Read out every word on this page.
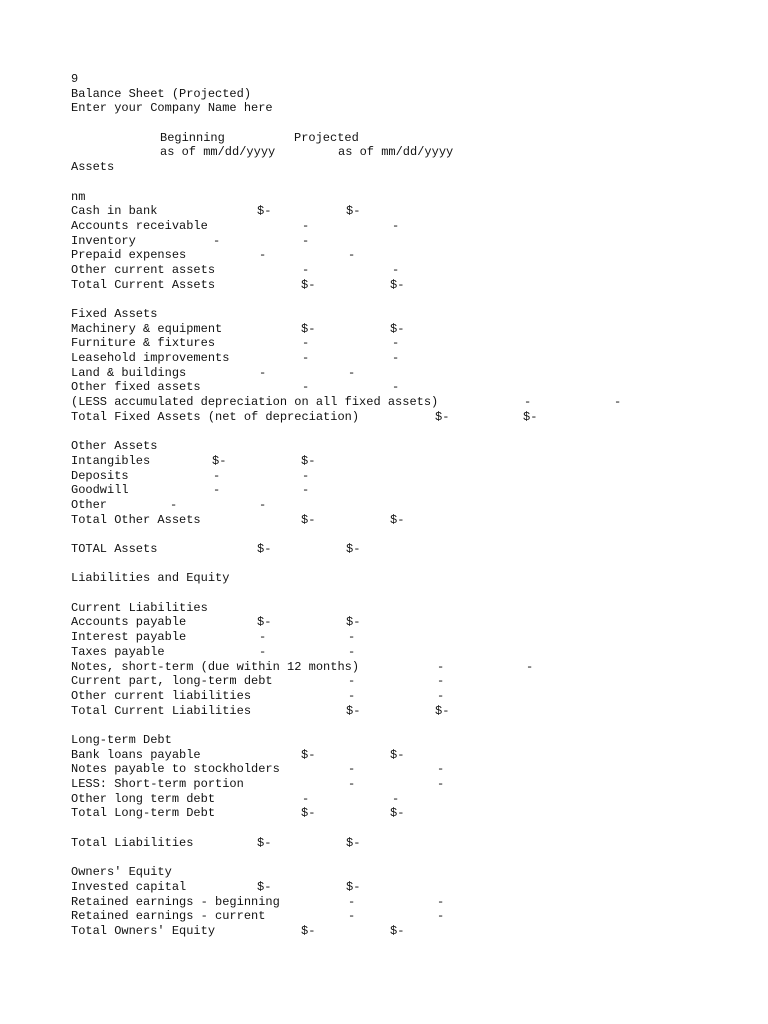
9
Balance Sheet (Projected)
Enter your Company Name here

Beginning

	Projected

as of mm/dd/yyyy

	as of mm/dd/yyyy

Assets
nm
Cash in bank	$-	$-
Accounts receivable	-	-
Inventory	-	-
Prepaid expenses	-	-
Other current assets	-	-
Total Current Assets	$-	$-
Fixed Assets
Machinery & equipment	$-	$-
Furniture & fixtures	-	-
Leasehold improvements	-	-
Land & buildings	-	-
Other fixed assets	-	-
(LESS accumulated depreciation on all fixed assets)	-	-
Total Fixed Assets (net of depreciation)	$-	$-
Other Assets
Intangibles	$-	$-
Deposits	-	-
Goodwill	-	-
Other	-	-
Total Other Assets	$-	$-
TOTAL Assets	$-	$-
Liabilities and Equity
Current Liabilities
Accounts payable	$-	$-
Interest payable	-	-
Taxes payable	-	-
Notes, short-term (due within 12 months)	-	-
Current part, long-term debt	-	-
Other current liabilities	-	-
Total Current Liabilities	$-	$-
Long-term Debt
Bank loans payable	$-	$-
Notes payable to stockholders	-	-
LESS: Short-term portion	-	-
Other long term debt	-	-
Total Long-term Debt	$-	$-
Total Liabilities	$-	$-
Owners' Equity
Invested capital	$-	$-
Retained earnings - beginning	-	-
Retained earnings - current	-	-
Total Owners' Equity	$-	$-
